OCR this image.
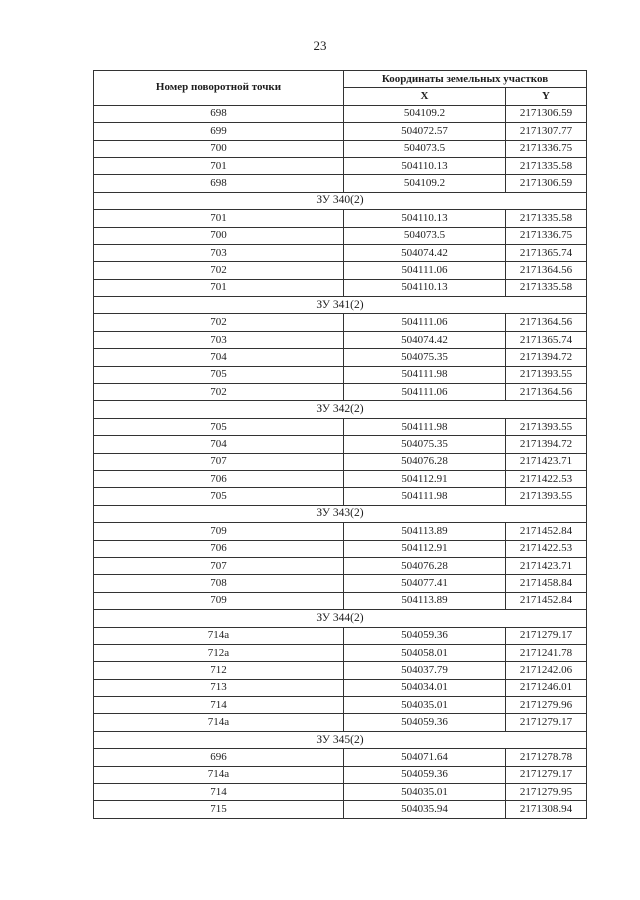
23
Номер поворотной точки	Координаты земельных участков	
	X	Y
698	504109.2	2171306.59
699	504072.57	2171307.77
700	504073.5	2171336.75
701	504110.13	2171335.58
698	504109.2	2171306.59
ЗУ 340(2)		
701	504110.13	2171335.58
700	504073.5	2171336.75
703	504074.42	2171365.74
702	504111.06	2171364.56
701	504110.13	2171335.58
ЗУ 341(2)		
702	504111.06	2171364.56
703	504074.42	2171365.74
704	504075.35	2171394.72
705	504111.98	2171393.55
702	504111.06	2171364.56
ЗУ 342(2)		
705	504111.98	2171393.55
704	504075.35	2171394.72
707	504076.28	2171423.71
706	504112.91	2171422.53
705	504111.98	2171393.55
ЗУ 343(2)		
709	504113.89	2171452.84
706	504112.91	2171422.53
707	504076.28	2171423.71
708	504077.41	2171458.84
709	504113.89	2171452.84
ЗУ 344(2)		
714а	504059.36	2171279.17
712а	504058.01	2171241.78
712	504037.79	2171242.06
713	504034.01	2171246.01
714	504035.01	2171279.96
714а	504059.36	2171279.17
ЗУ 345(2)		
696	504071.64	2171278.78
714а	504059.36	2171279.17
714	504035.01	2171279.95
715	504035.94	2171308.94
